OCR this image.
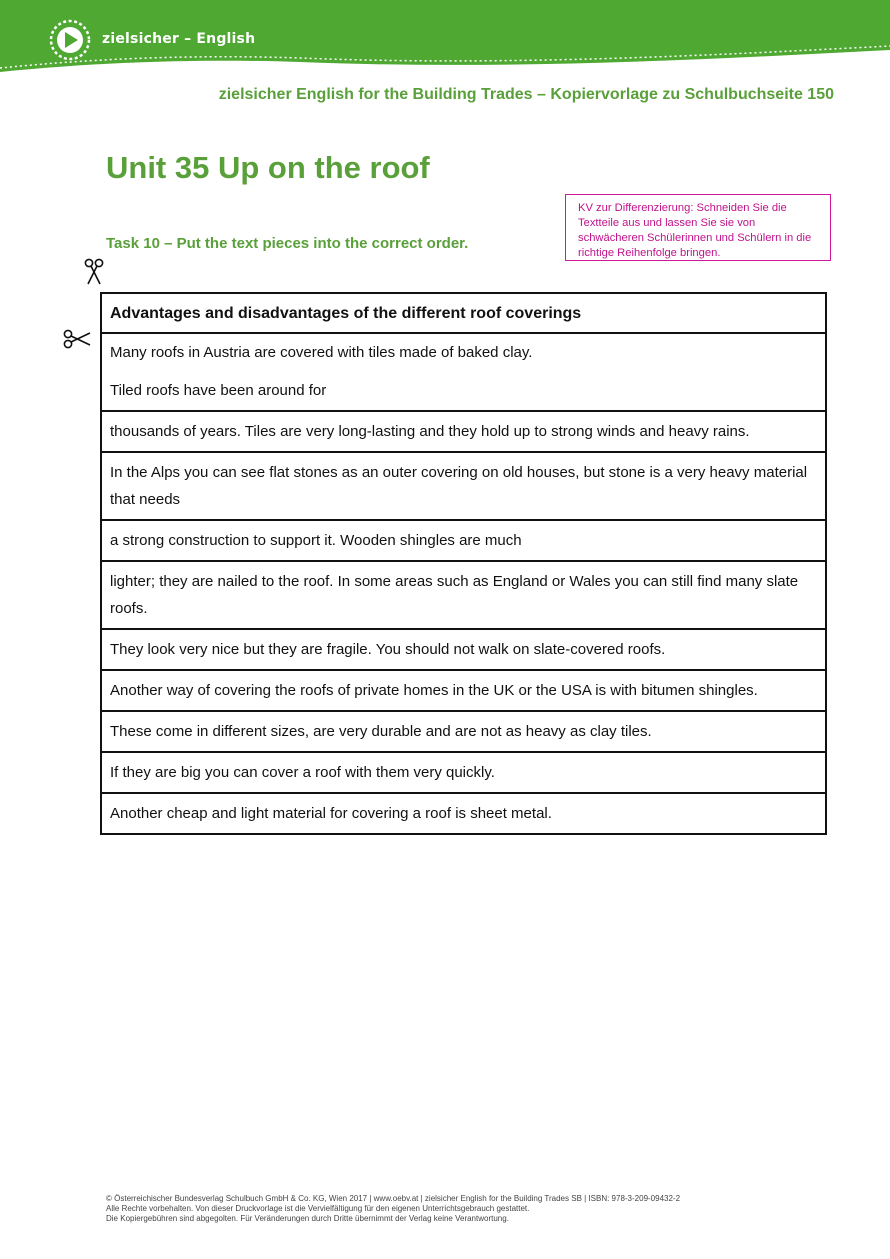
zielsicher – English
zielsicher English for the Building Trades – Kopiervorlage zu Schulbuchseite 150
Unit 35 Up on the roof
KV zur Differenzierung: Schneiden Sie die Textteile aus und lassen Sie sie von schwächeren Schülerinnen und Schülern in die richtige Reihenfolge bringen.
Task 10 – Put the text pieces into the correct order.
Advantages and disadvantages of the different roof coverings

Many roofs in Austria are covered with tiles made of baked clay.
Tiled roofs have been around for

thousands of years. Tiles are very long-lasting and they hold up to strong winds and heavy rains.
In the Alps you can see flat stones as an outer covering on old houses, but stone is a very heavy material that needs
a strong construction to support it. Wooden shingles are much
lighter; they are nailed to the roof. In some areas such as England or Wales you can still find many slate roofs.
They look very nice but they are fragile. You should not walk on slate-covered roofs.
Another way of covering the roofs of private homes in the UK or the USA is with bitumen shingles.
These come in different sizes, are very durable and are not as heavy as clay tiles.
If they are big you can cover a roof with them very quickly.
Another cheap and light material for covering a roof is sheet metal.
© Österreichischer Bundesverlag Schulbuch GmbH & Co. KG, Wien 2017 | www.oebv.at | zielsicher English for the Building Trades SB | ISBN: 978-3-209-09432-2
Alle Rechte vorbehalten. Von dieser Druckvorlage ist die Vervielfältigung für den eigenen Unterrichtsgebrauch gestattet.
Die Kopiergebühren sind abgegolten. Für Veränderungen durch Dritte übernimmt der Verlag keine Verantwortung.
